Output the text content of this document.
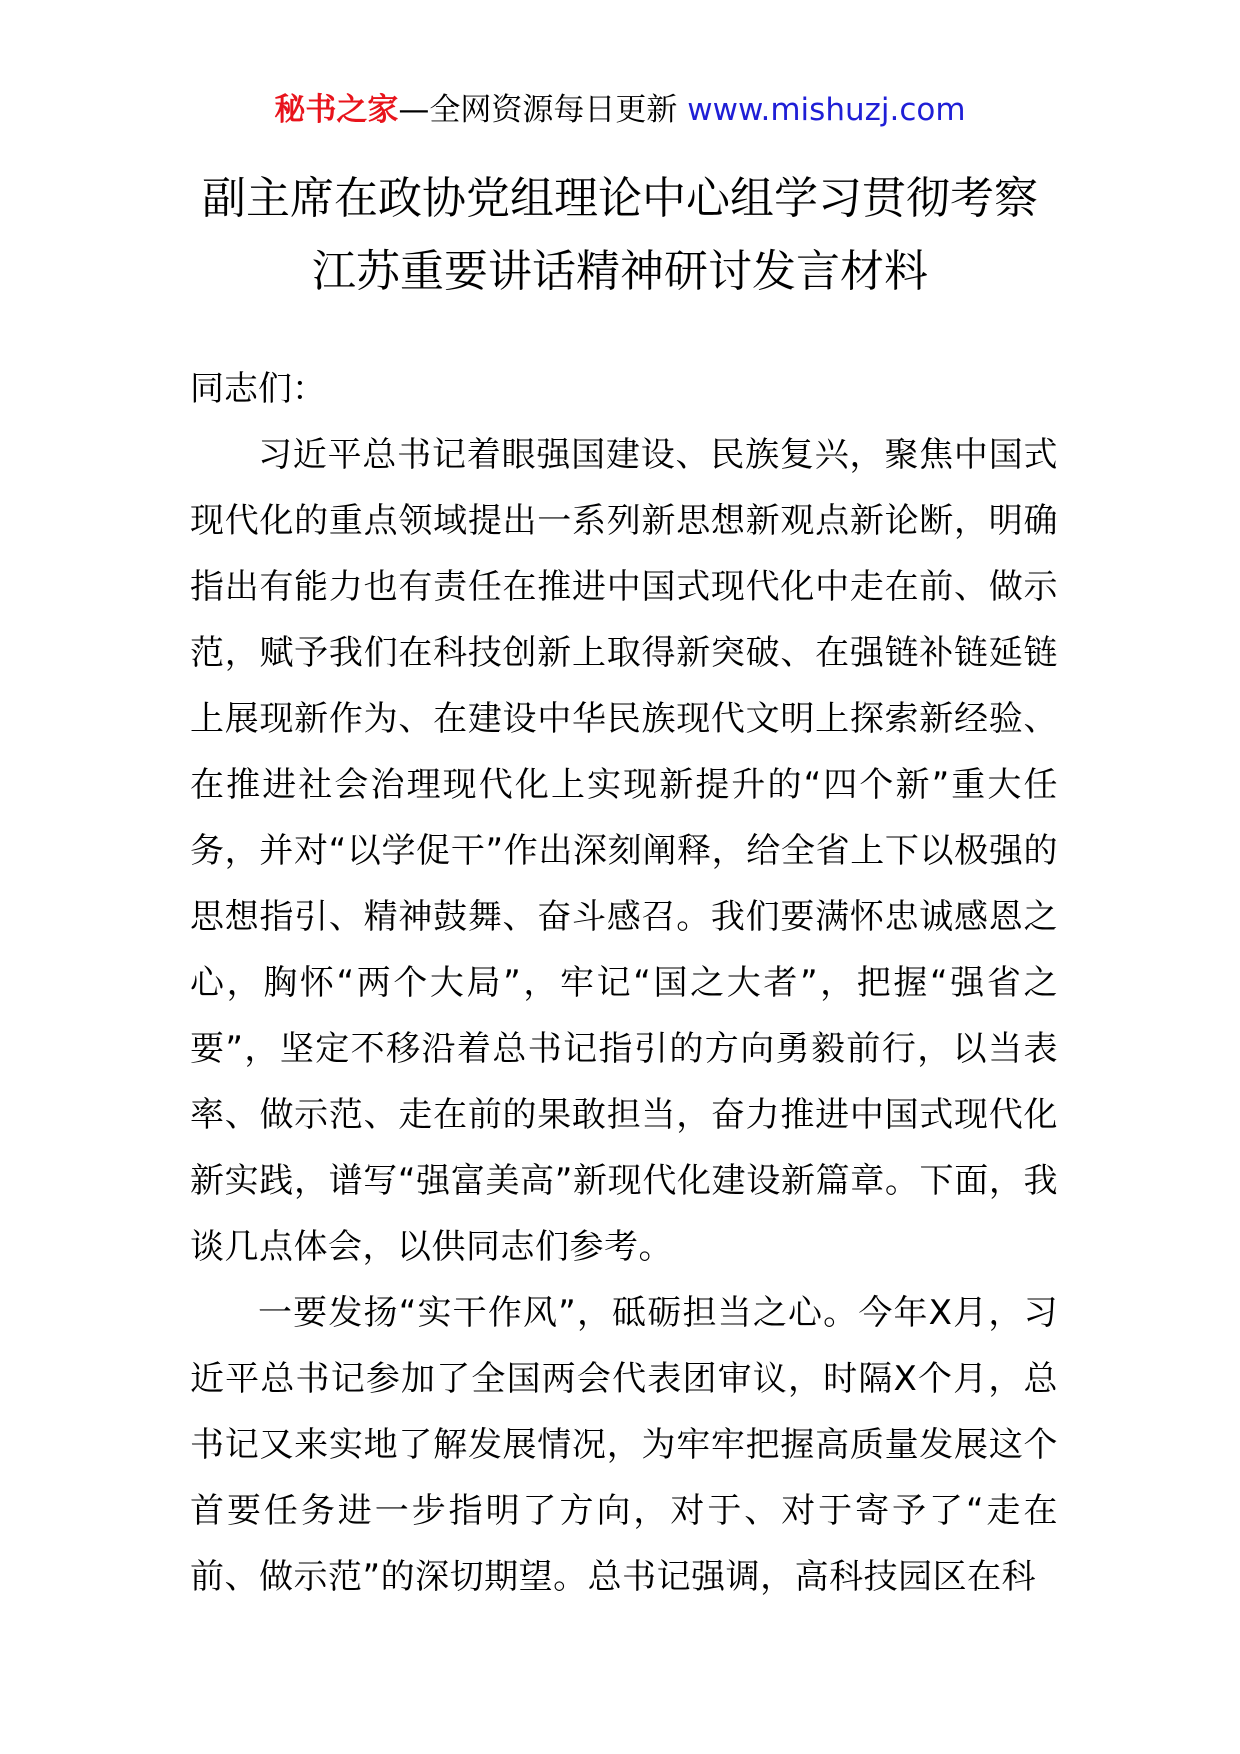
秘书之家—全网资源每日更新 www.mishuzj.com
副主席在政协党组理论中心组学习贯彻考察
江苏重要讲话精神研讨发言材料

同志们：

习近平总书记着眼强国建设、民族复兴，聚焦中国式现代化的重点领域提出一系列新思想新观点新论断，明确指出有能力也有责任在推进中国式现代化中走在前、做示范，赋予我们在科技创新上取得新突破、在强链补链延链上展现新作为、在建设中华民族现代文明上探索新经验、在推进社会治理现代化上实现新提升的“四个新”重大任务，并对“以学促干”作出深刻阐释，给全省上下以极强的思想指引、精神鼓舞、奋斗感召。我们要满怀忠诚感恩之心，胸怀“两个大局”，牢记“国之大者”，把握“强省之要”，坚定不移沿着总书记指引的方向勇毅前行，以当表率、做示范、走在前的果敢担当，奋力推进中国式现代化新实践，谱写“强富美高”新现代化建设新篇章。下面，我谈几点体会，以供同志们参考。

一要发扬“实干作风”，砥砺担当之心。今年X月，习近平总书记参加了全国两会代表团审议，时隔X个月，总书记又来实地了解发展情况，为牢牢把握高质量发展这个首要任务进一步指明了方向，对于、对于寄予了“走在前、做示范”的深切期望。总书记强调，高科技园区在科
